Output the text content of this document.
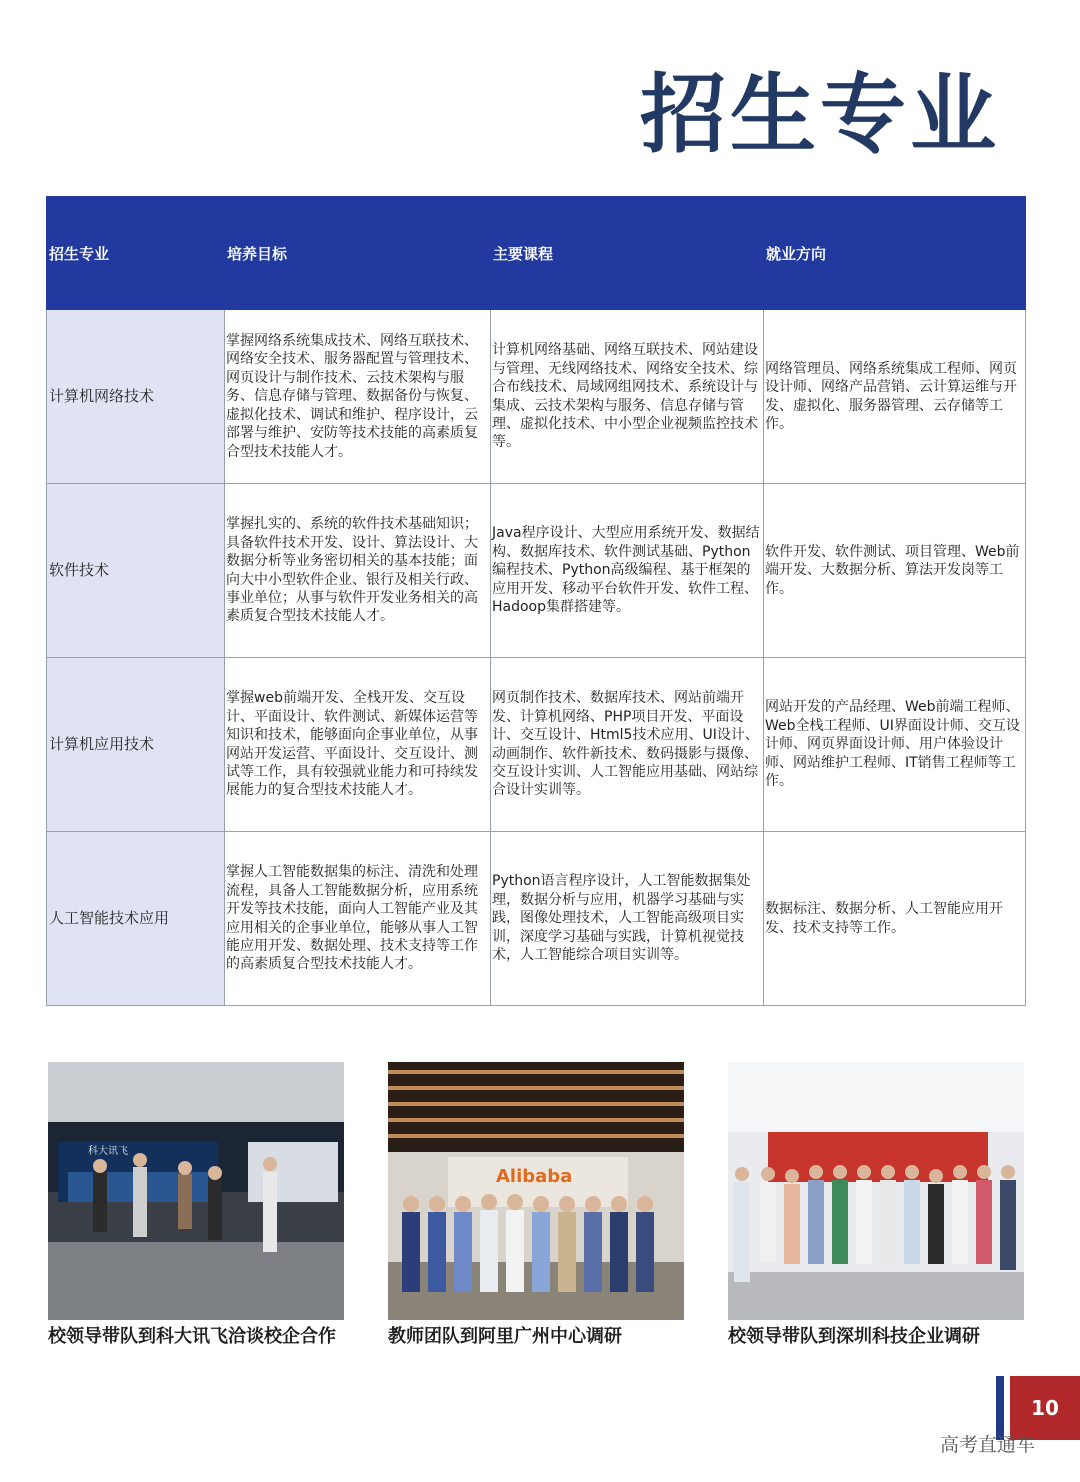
招生专业
招生专业	培养目标	主要课程	就业方向
计算机网络技术	掌握网络系统集成技术、网络互联技术、网络安全技术、服务器配置与管理技术、网页设计与制作技术、云技术架构与服务、信息存储与管理、数据备份与恢复、虚拟化技术、调试和维护、程序设计，云部署与维护、安防等技术技能的高素质复合型技术技能人才。	计算机网络基础、网络互联技术、网站建设与管理、无线网络技术、网络安全技术、综合布线技术、局域网组网技术、系统设计与集成、云技术架构与服务、信息存储与管理、虚拟化技术、中小型企业视频监控技术等。	网络管理员、网络系统集成工程师、网页设计师、网络产品营销、云计算运维与开发、虚拟化、服务器管理、云存储等工作。
软件技术	掌握扎实的、系统的软件技术基础知识；具备软件技术开发、设计、算法设计、大数据分析等业务密切相关的基本技能；面向大中小型软件企业、银行及相关行政、事业单位；从事与软件开发业务相关的高素质复合型技术技能人才。	Java程序设计、大型应用系统开发、数据结构、数据库技术、软件测试基础、Python编程技术、Python高级编程、基于框架的应用开发、移动平台软件开发、软件工程、Hadoop集群搭建等。	软件开发、软件测试、项目管理、Web前端开发、大数据分析、算法开发岗等工作。
计算机应用技术	掌握web前端开发、全栈开发、交互设计、平面设计、软件测试、新媒体运营等知识和技术，能够面向企事业单位，从事网站开发运营、平面设计、交互设计、测试等工作，具有较强就业能力和可持续发展能力的复合型技术技能人才。	网页制作技术、数据库技术、网站前端开发、计算机网络、PHP项目开发、平面设计、交互设计、Html5技术应用、UI设计、动画制作、软件新技术、数码摄影与摄像、交互设计实训、人工智能应用基础、网站综合设计实训等。	网站开发的产品经理、Web前端工程师、Web全栈工程师、UI界面设计师、交互设计师、网页界面设计师、用户体验设计师、网站维护工程师、IT销售工程师等工作。
人工智能技术应用	掌握人工智能数据集的标注、清洗和处理流程，具备人工智能数据分析，应用系统开发等技术技能，面向人工智能产业及其应用相关的企事业单位，能够从事人工智能应用开发、数据处理、技术支持等工作的高素质复合型技术技能人才。	Python语言程序设计，人工智能数据集处理，数据分析与应用，机器学习基础与实践，图像处理技术，人工智能高级项目实训，深度学习基础与实践，计算机视觉技术，人工智能综合项目实训等。	数据标注、数据分析、人工智能应用开发、技术支持等工作。
科大讯飞
Alibaba
校领导带队到科大讯飞洽谈校企合作	教师团队到阿里广州中心调研	校领导带队到深圳科技企业调研
10
高考直通车
